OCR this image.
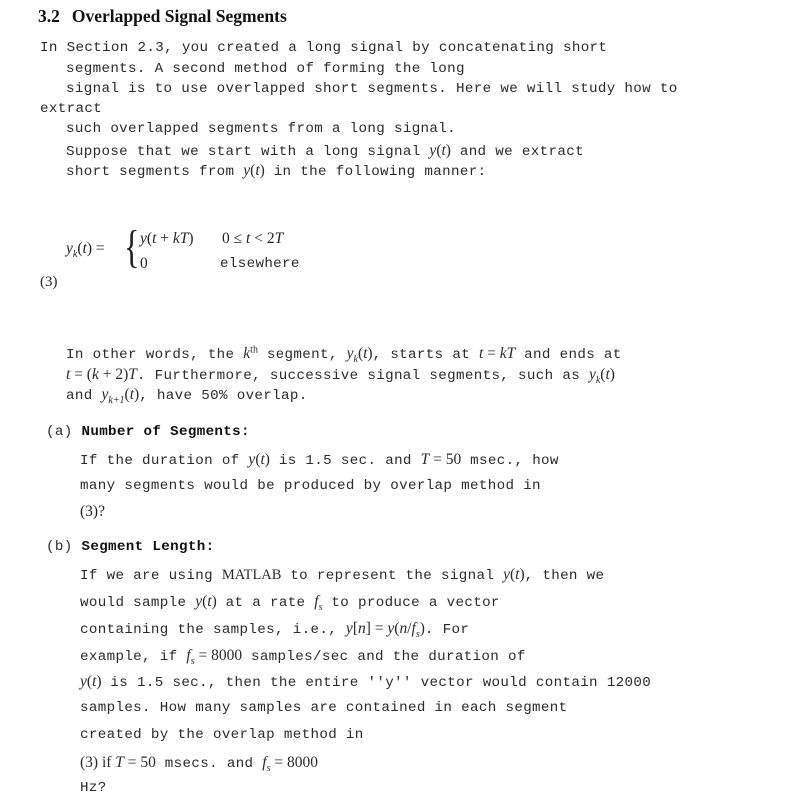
3.2 Overlapped Signal Segments
In Section 2.3, you created a long signal by concatenating short
segments. A second method of forming the long
signal is to use overlapped short segments. Here we will study how to
extract
such overlapped segments from a long signal.
Suppose that we start with a long signal y(t) and we extract
short segments from y(t) in the following manner:
$y_k(t)$ = { y(t + kT) 0 ≤ t < 2T
0	elsewhere
(3)
In other words, the $k^{th}$ segment, $y_k(t)$, starts at t = kT and ends at
t = (k + 2)T. Furthermore, successive signal segments, such as $y_k(t)$
and $y_{k+1}(t)$, have 50% overlap.
(a) Number of Segments:
If the duration of y(t) is 1.5 sec. and T = 50 msec., how
many segments would be produced by overlap method in
(3)?
(b) Segment Length:
If we are using MATLAB to represent the signal y(t), then we
would sample y(t) at a rate $f_s$ to produce a vector
containing the samples, i.e., $y[n] = y(n/f_s)$. For
example, if $f_s = 8000$ samples/sec and the duration of
y(t) is 1.5 sec., then the entire ''y'' vector would contain 12000
samples. How many samples are contained in each segment
created by the overlap method in
(3) if T = 50 msecs. and $f_s = 8000$
Hz?
